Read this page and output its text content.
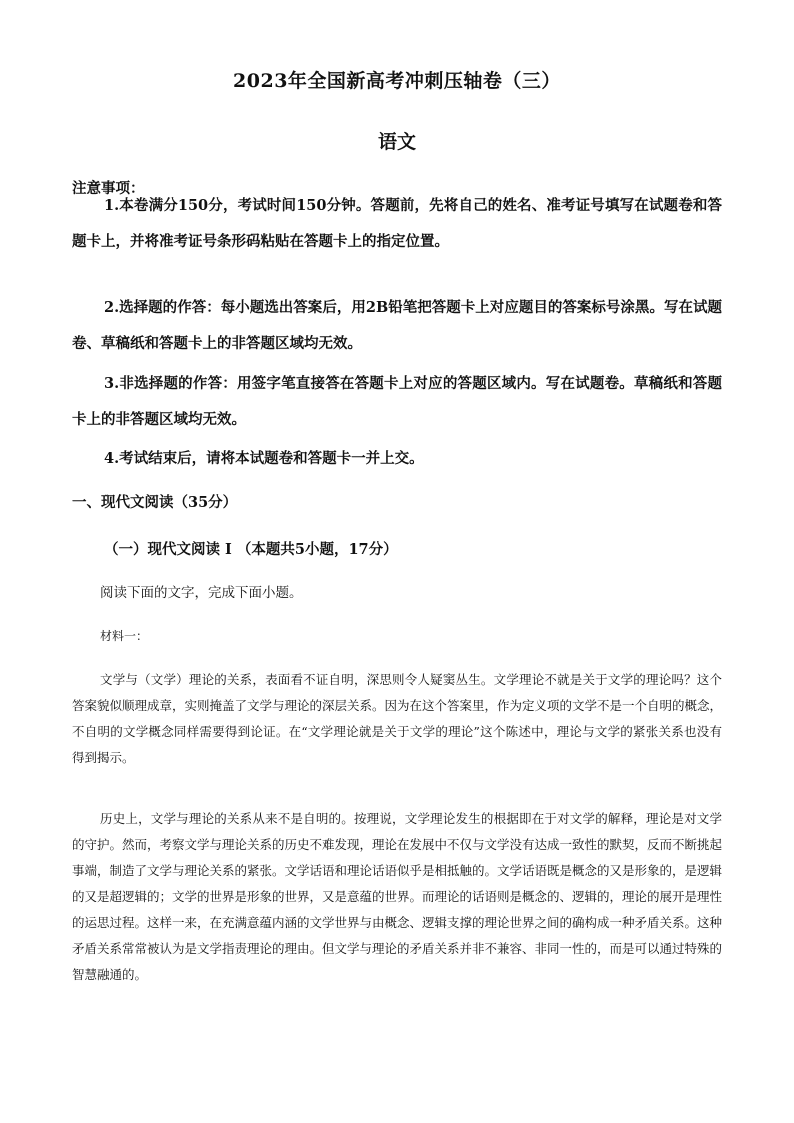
2023年全国新高考冲刺压轴卷（三）
语文
注意事项：
1.本卷满分150分，考试时间150分钟。答题前，先将自己的姓名、准考证号填写在试题卷和答题卡上，并将准考证号条形码粘贴在答题卡上的指定位置。
2.选择题的作答：每小题选出答案后，用2B铅笔把答题卡上对应题目的答案标号涂黑。写在试题卷、草稿纸和答题卡上的非答题区域均无效。
3.非选择题的作答：用签字笔直接答在答题卡上对应的答题区域内。写在试题卷。草稿纸和答题卡上的非答题区域均无效。
4.考试结束后，请将本试题卷和答题卡一并上交。
一、现代文阅读（35分）
（一）现代文阅读 I （本题共5小题，17分）
阅读下面的文字，完成下面小题。
材料一：
文学与（文学）理论的关系，表面看不证自明，深思则令人疑窦丛生。文学理论不就是关于文学的理论吗？这个答案貌似顺理成章，实则掩盖了文学与理论的深层关系。因为在这个答案里，作为定义项的文学不是一个自明的概念，不自明的文学概念同样需要得到论证。在“文学理论就是关于文学的理论”这个陈述中，理论与文学的紧张关系也没有得到揭示。
历史上，文学与理论的关系从来不是自明的。按理说，文学理论发生的根据即在于对文学的解释，理论是对文学的守护。然而，考察文学与理论关系的历史不难发现，理论在发展中不仅与文学没有达成一致性的默契，反而不断挑起事端，制造了文学与理论关系的紧张。文学话语和理论话语似乎是相抵触的。文学话语既是概念的又是形象的，是逻辑的又是超逻辑的；文学的世界是形象的世界，又是意蕴的世界。而理论的话语则是概念的、逻辑的，理论的展开是理性的运思过程。这样一来，在充满意蕴内涵的文学世界与由概念、逻辑支撑的理论世界之间的确构成一种矛盾关系。这种矛盾关系常常被认为是文学指责理论的理由。但文学与理论的矛盾关系并非不兼容、非同一性的，而是可以通过特殊的智慧融通的。
